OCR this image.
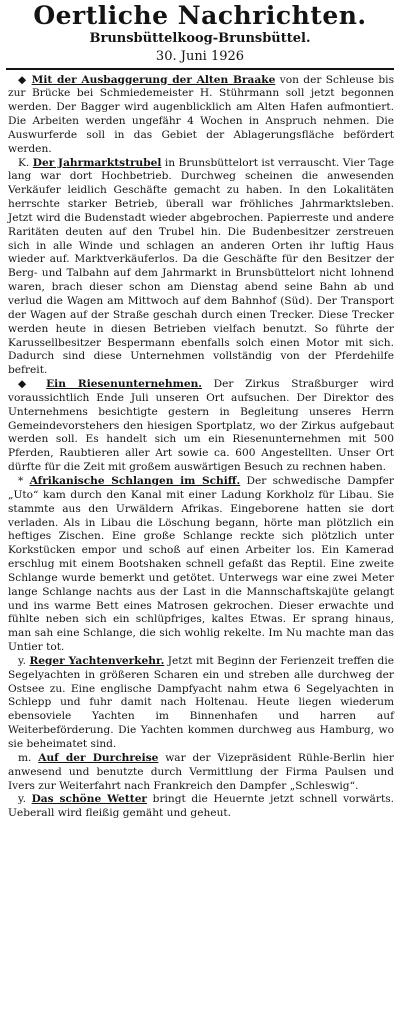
Oertliche Nachrichten.
Brunsbüttelkoog-Brunsbüttel.
30. Juni 1926

◆ Mit der Ausbaggerung der Alten Braake von der Schleuse bis zur Brücke bei Schmiedemeister H. Stührmann soll jetzt begonnen werden. Der Bagger wird augenblicklich am Alten Hafen aufmontiert. Die Arbeiten werden ungefähr 4 Wochen in Anspruch nehmen. Die Auswurferde soll in das Gebiet der Ablagerungsfläche befördert werden.

K. Der Jahrmarktstrubel in Brunsbüttelort ist verrauscht. Vier Tage lang war dort Hochbetrieb. Durchweg scheinen die anwesenden Verkäufer leidlich Geschäfte gemacht zu haben. In den Lokalitäten herrschte starker Betrieb, überall war fröhliches Jahrmarktsleben. Jetzt wird die Budenstadt wieder abgebrochen. Papierreste und andere Raritäten deuten auf den Trubel hin. Die Budenbesitzer zerstreuen sich in alle Winde und schlagen an anderen Orten ihr luftig Haus wieder auf. Marktverkäuferlos. Da die Geschäfte für den Besitzer der Berg- und Talbahn auf dem Jahrmarkt in Brunsbüttelort nicht lohnend waren, brach dieser schon am Dienstag abend seine Bahn ab und verlud die Wagen am Mittwoch auf dem Bahnhof (Süd). Der Transport der Wagen auf der Straße geschah durch einen Trecker. Diese Trecker werden heute in diesen Betrieben vielfach benutzt. So führte der Karussellbesitzer Bespermann ebenfalls solch einen Motor mit sich. Dadurch sind diese Unternehmen vollständig von der Pferdehilfe befreit.

◆ Ein Riesenunternehmen. Der Zirkus Straßburger wird voraussichtlich Ende Juli unseren Ort aufsuchen. Der Direktor des Unternehmens besichtigte gestern in Begleitung unseres Herrn Gemeindevorstehers den hiesigen Sportplatz, wo der Zirkus aufgebaut werden soll. Es handelt sich um ein Riesenunternehmen mit 500 Pferden, Raubtieren aller Art sowie ca. 600 Angestellten. Unser Ort dürfte für die Zeit mit großem auswärtigen Besuch zu rechnen haben.

* Afrikanische Schlangen im Schiff. Der schwedische Dampfer „Uto“ kam durch den Kanal mit einer Ladung Korkholz für Libau. Sie stammte aus den Urwäldern Afrikas. Eingeborene hatten sie dort verladen. Als in Libau die Löschung begann, hörte man plötzlich ein heftiges Zischen. Eine große Schlange reckte sich plötzlich unter Korkstücken empor und schoß auf einen Arbeiter los. Ein Kamerad erschlug mit einem Bootshaken schnell gefaßt das Reptil. Eine zweite Schlange wurde bemerkt und getötet. Unterwegs war eine zwei Meter lange Schlange nachts aus der Last in die Mannschaftskajüte gelangt und ins warme Bett eines Matrosen gekrochen. Dieser erwachte und fühlte neben sich ein schlüpfriges, kaltes Etwas. Er sprang hinaus, man sah eine Schlange, die sich wohlig rekelte. Im Nu machte man das Untier tot.

y. Reger Yachtenverkehr. Jetzt mit Beginn der Ferienzeit treffen die Segelyachten in größeren Scharen ein und streben alle durchweg der Ostsee zu. Eine englische Dampfyacht nahm etwa 6 Segelyachten in Schlepp und fuhr damit nach Holtenau. Heute liegen wiederum ebensoviele Yachten im Binnenhafen und harren auf Weiterbeförderung. Die Yachten kommen durchweg aus Hamburg, wo sie beheimatet sind.

m. Auf der Durchreise war der Vizepräsident Rühle-Berlin hier anwesend und benutzte durch Vermittlung der Firma Paulsen und Ivers zur Weiterfahrt nach Frankreich den Dampfer „Schleswig“.

y. Das schöne Wetter bringt die Heuernte jetzt schnell vorwärts. Ueberall wird fleißig gemäht und geheut.
